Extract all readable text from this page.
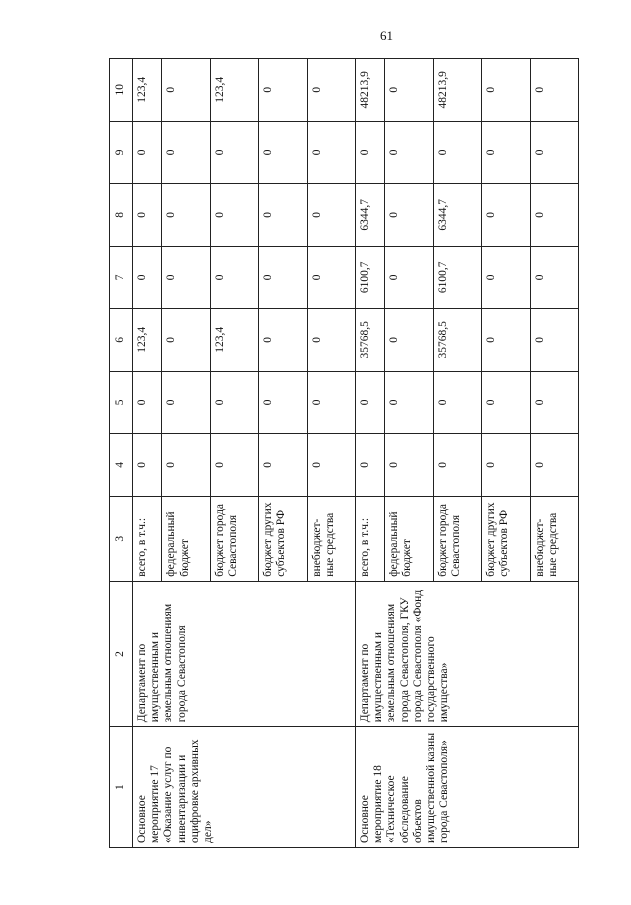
61
1	2	3	4	5	6	7	8	9	10
Основное мероприятие 17 «Оказание услуг по инвентаризации и оцифровке архивных дел»	Департамент по имущественным и земельным отношениям города Севастополя	всего, в т.ч.:	0	0	123,4	0	0	0	123,4
		федеральный бюджет	0	0	0	0	0	0	0
		бюджет города Севастополя	0	0	123,4	0	0	0	123,4
		бюджет других субъектов РФ	0	0	0	0	0	0	0
		внебюджет-ные средства	0	0	0	0	0	0	0
Основное мероприятие 18 «Техническое обследование объектов имущественной казны города Севастополя»	Департамент по имущественным и земельным отношениям города Севастополя, ГКУ города Севастополя «Фонд государственного имущества»	всего, в т.ч.:	0	0	35768,5	6100,7	6344,7	0	48213,9
		федеральный бюджет	0	0	0	0	0	0	0
		бюджет города Севастополя	0	0	35768,5	6100,7	6344,7	0	48213,9
		бюджет других субъектов РФ	0	0	0	0	0	0	0
		внебюджет-ные средства	0	0	0	0	0	0	0
